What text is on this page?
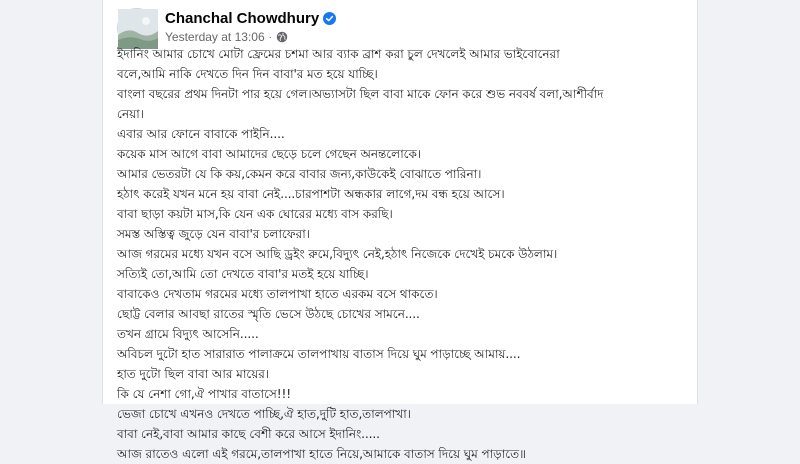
Chanchal Chowdhury
Yesterday at 13:06 ·

ইদানিং আমার চোখে মোটা ফ্রেমের চশমা আর ব্যাক ব্রাশ করা চুল দেখলেই আমার ভাইবোনেরা

বলে,আমি নাকি দেখতে দিন দিন বাবা'র মত হয়ে যাচ্ছি।

বাংলা বছরের প্রথম দিনটা পার হয়ে গেল।অভ্যাসটা ছিল বাবা মাকে ফোন করে শুভ নববর্ষ বলা,আশীর্বাদ

নেয়া।

এবার আর ফোনে বাবাকে পাইনি....

কয়েক মাস আগে বাবা আমাদের ছেড়ে চলে গেছেন অনন্তলোকে।

আমার ভেতরটা যে কি কয়,কেমন করে বাবার জন্য,কাউকেই বোঝাতে পারিনা।

হঠাৎ করেই যখন মনে হয় বাবা নেই....চারপাশটা অন্ধকার লাগে,দম বন্ধ হয়ে আসে।

বাবা ছাড়া কয়টা মাস,কি যেন এক ঘোরের মধ্যে বাস করছি।

সমস্ত অস্তিত্ব জুড়ে যেন বাবা'র চলাফেরা।

আজ গরমের মধ্যে যখন বসে আছি ড্রইং রুমে,বিদ্যুৎ নেই,হঠাৎ নিজেকে দেখেই চমকে উঠলাম।

সত্যিই তো,আমি তো দেখতে বাবা'র মতই হয়ে যাচ্ছি।

বাবাকেও দেখতাম গরমের মধ্যে তালপাখা হাতে এরকম বসে থাকতে।

ছোট্ট বেলার আবছা রাতের স্মৃতি ভেসে উঠছে চোখের সামনে....

তখন গ্রামে বিদ্যুৎ আসেনি.....

অবিচল দুটো হাত সারারাত পালাক্রমে তালপাখায় বাতাস দিয়ে ঘুম পাড়াচ্ছে আমায়....

হাত দুটো ছিল বাবা আর মায়ের।

কি যে নেশা গো,ঐ পাখার বাতাসে!!!

ভেজা চোখে এখনও দেখতে পাচ্ছি,ঐ হাত,দুটি হাত,তালপাখা।

বাবা নেই,বাবা আমার কাছে বেশী করে আসে ইদানিং.....

আজ রাতেও এলো এই গরমে,তালপাখা হাতে নিয়ে,আমাকে বাতাস দিয়ে ঘুম পাড়াতে॥
